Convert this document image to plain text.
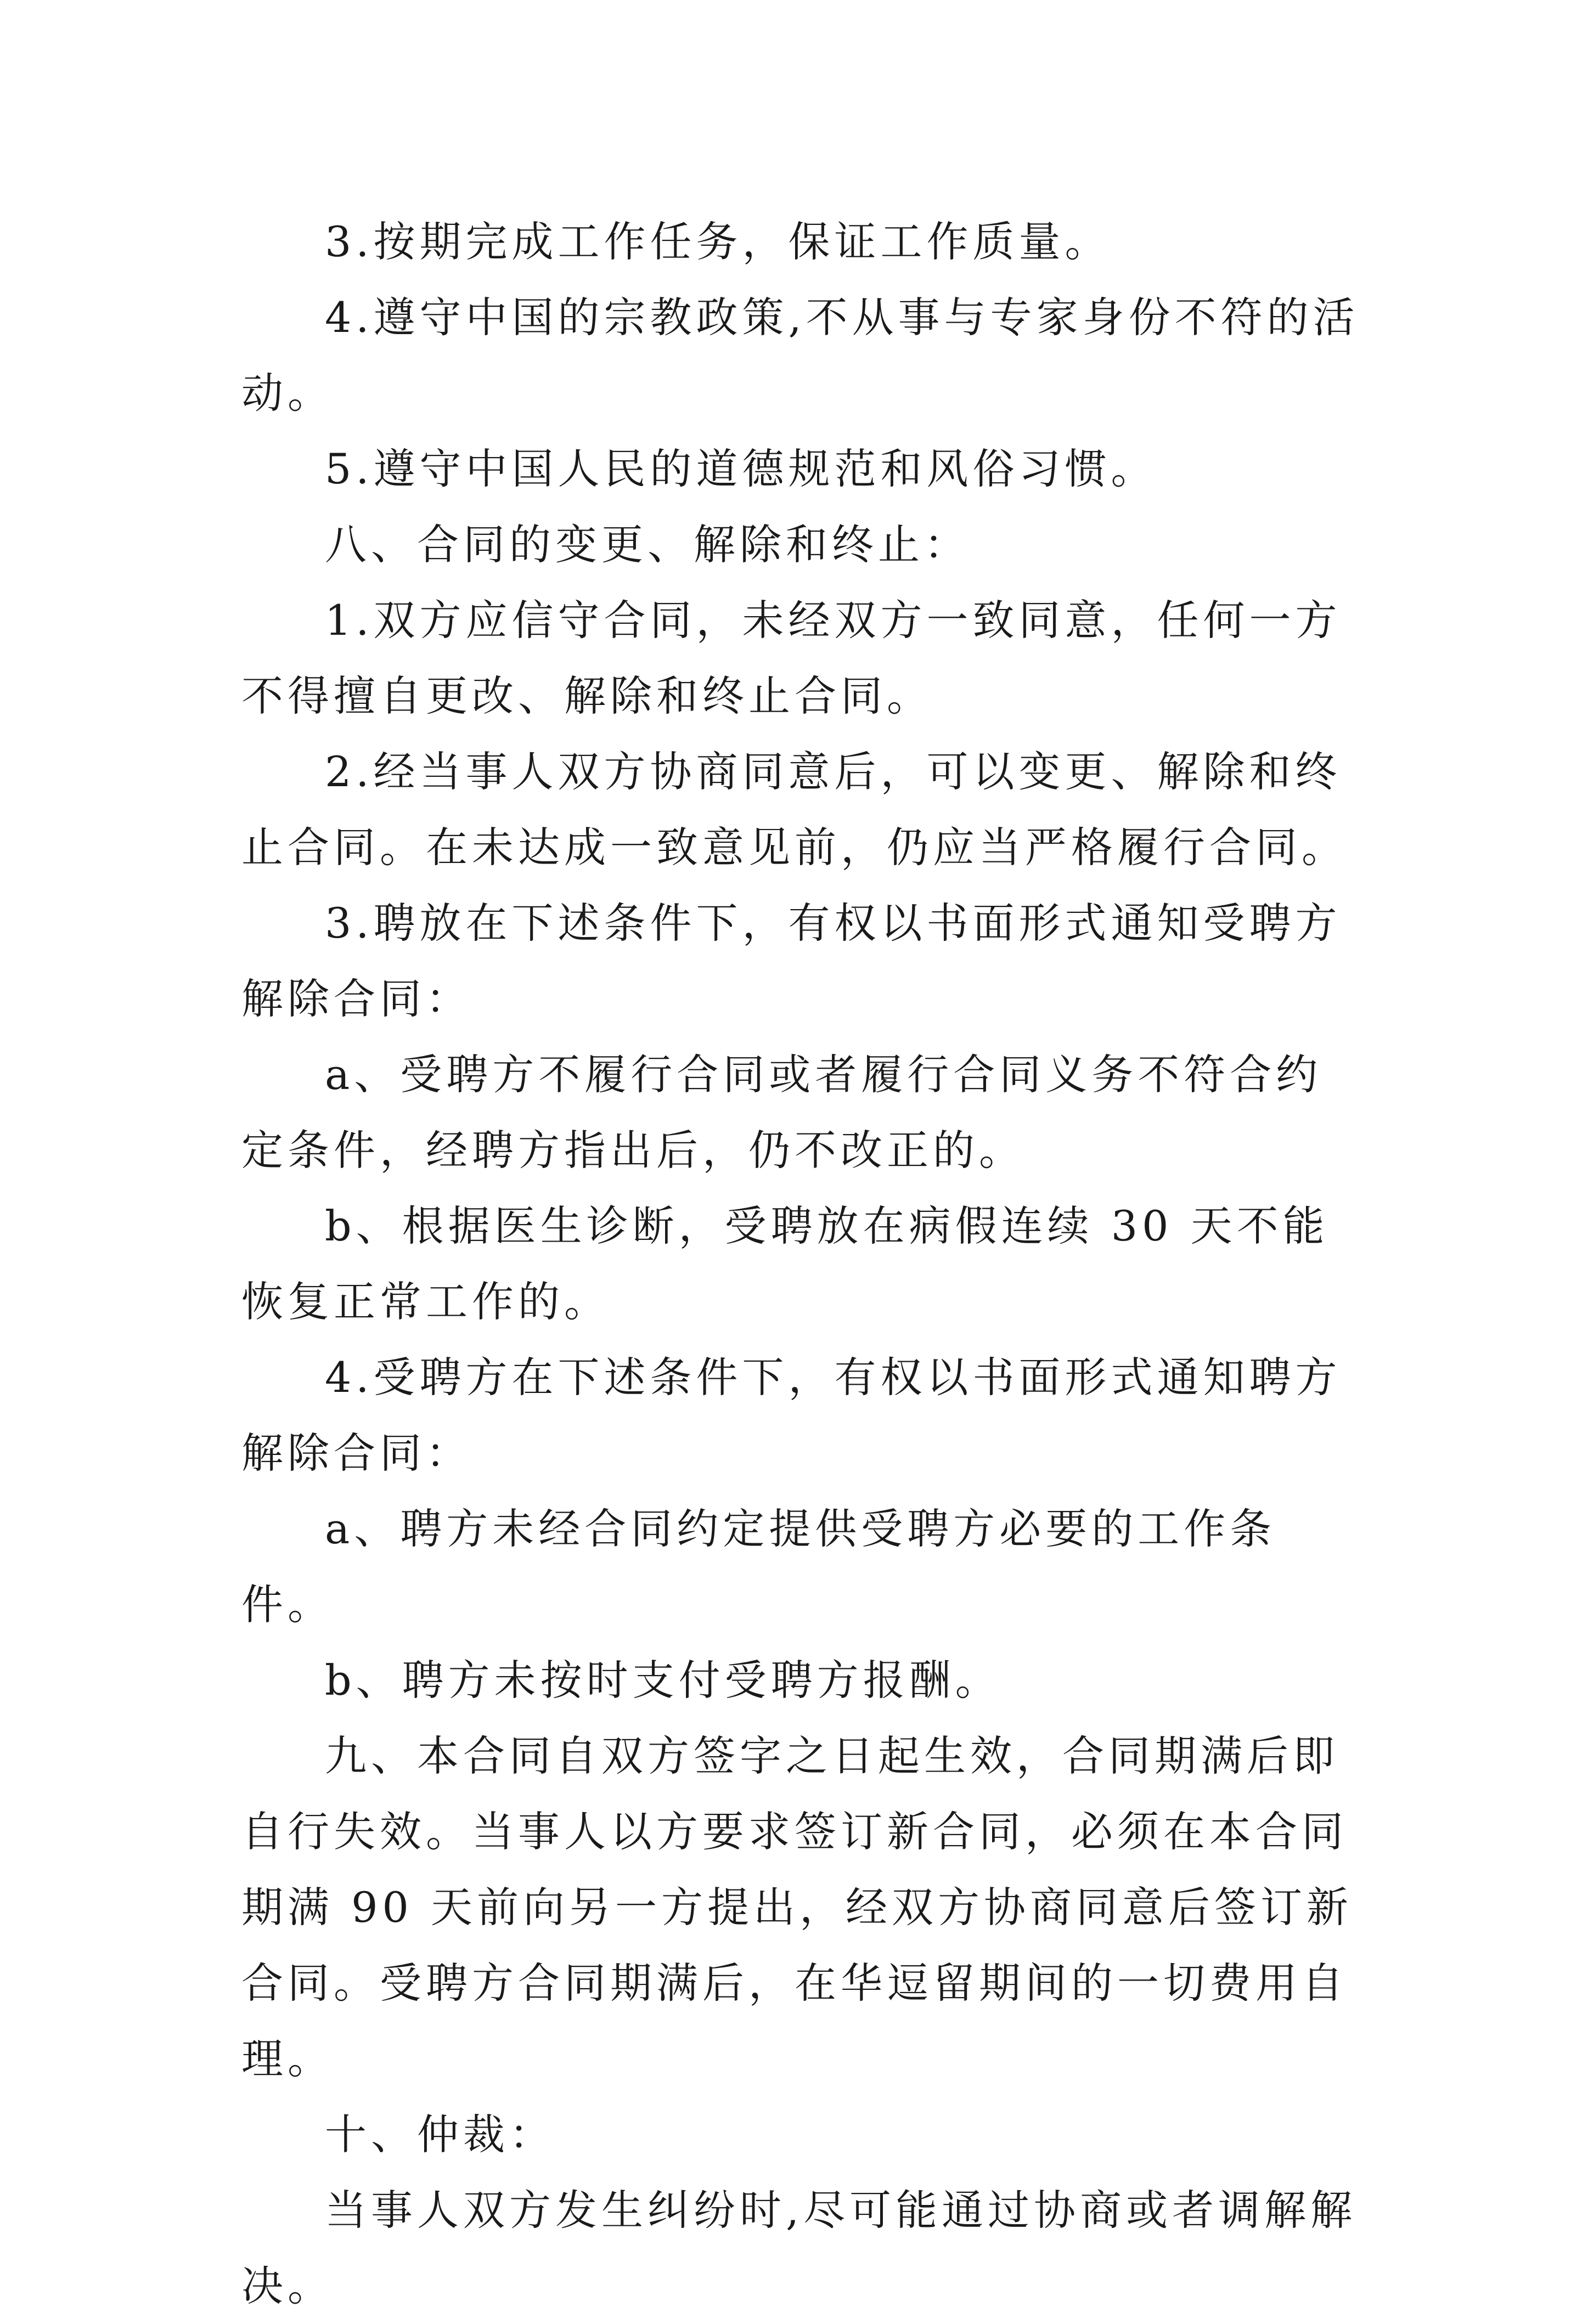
3.按期完成工作任务，保证工作质量。

4.遵守中国的宗教政策,不从事与专家身份不符的活动。

5.遵守中国人民的道德规范和风俗习惯。

八、合同的变更、解除和终止：

1.双方应信守合同，未经双方一致同意，任何一方不得擅自更改、解除和终止合同。

2.经当事人双方协商同意后，可以变更、解除和终止合同。在未达成一致意见前，仍应当严格履行合同。

3.聘放在下述条件下，有权以书面形式通知受聘方解除合同：

a、受聘方不履行合同或者履行合同义务不符合约定条件，经聘方指出后，仍不改正的。

b、根据医生诊断，受聘放在病假连续 30 天不能恢复正常工作的。

4.受聘方在下述条件下，有权以书面形式通知聘方解除合同：

a、聘方未经合同约定提供受聘方必要的工作条件。

b、聘方未按时支付受聘方报酬。

九、本合同自双方签字之日起生效，合同期满后即自行失效。当事人以方要求签订新合同，必须在本合同期满 90 天前向另一方提出，经双方协商同意后签订新合同。受聘方合同期满后，在华逗留期间的一切费用自理。

十、仲裁：

当事人双方发生纠纷时,尽可能通过协商或者调解解决。
